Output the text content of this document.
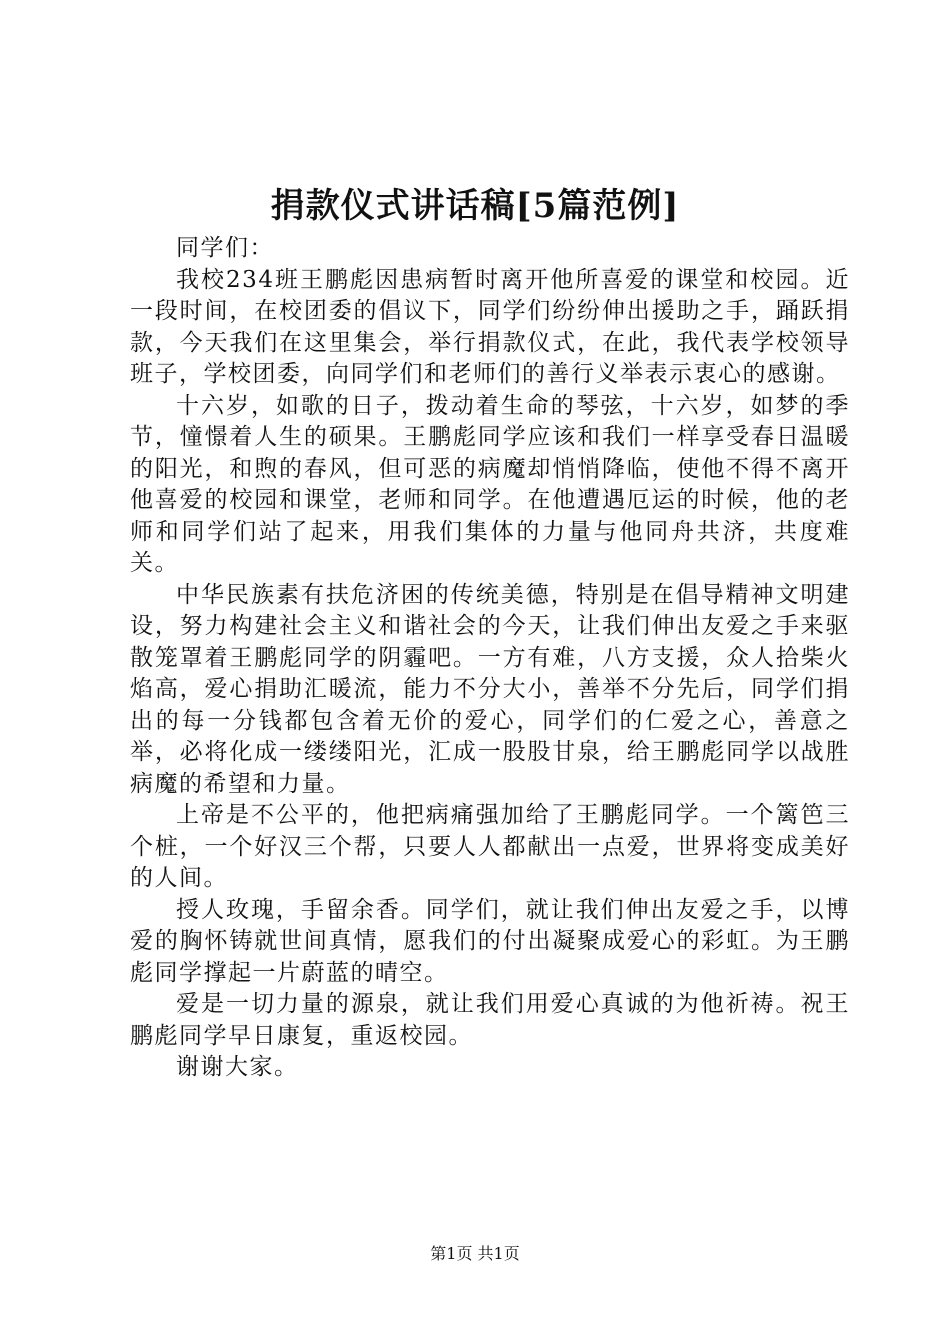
捐款仪式讲话稿[5篇范例]

同学们：

我校234班王鹏彪因患病暂时离开他所喜爱的课堂和校园。近一段时间，在校团委的倡议下，同学们纷纷伸出援助之手，踊跃捐款，今天我们在这里集会，举行捐款仪式，在此，我代表学校领导班子，学校团委，向同学们和老师们的善行义举表示衷心的感谢。

十六岁，如歌的日子，拨动着生命的琴弦，十六岁，如梦的季节，憧憬着人生的硕果。王鹏彪同学应该和我们一样享受春日温暖的阳光，和煦的春风，但可恶的病魔却悄悄降临，使他不得不离开他喜爱的校园和课堂，老师和同学。在他遭遇厄运的时候，他的老师和同学们站了起来，用我们集体的力量与他同舟共济，共度难关。

中华民族素有扶危济困的传统美德，特别是在倡导精神文明建设，努力构建社会主义和谐社会的今天，让我们伸出友爱之手来驱散笼罩着王鹏彪同学的阴霾吧。一方有难，八方支援，众人拾柴火焰高，爱心捐助汇暖流，能力不分大小，善举不分先后，同学们捐出的每一分钱都包含着无价的爱心，同学们的仁爱之心，善意之举，必将化成一缕缕阳光，汇成一股股甘泉，给王鹏彪同学以战胜病魔的希望和力量。

上帝是不公平的，他把病痛强加给了王鹏彪同学。一个篱笆三个桩，一个好汉三个帮，只要人人都献出一点爱，世界将变成美好的人间。

授人玫瑰，手留余香。同学们，就让我们伸出友爱之手，以博爱的胸怀铸就世间真情，愿我们的付出凝聚成爱心的彩虹。为王鹏彪同学撑起一片蔚蓝的晴空。

爱是一切力量的源泉，就让我们用爱心真诚的为他祈祷。祝王鹏彪同学早日康复，重返校园。

谢谢大家。

第1页 共1页
